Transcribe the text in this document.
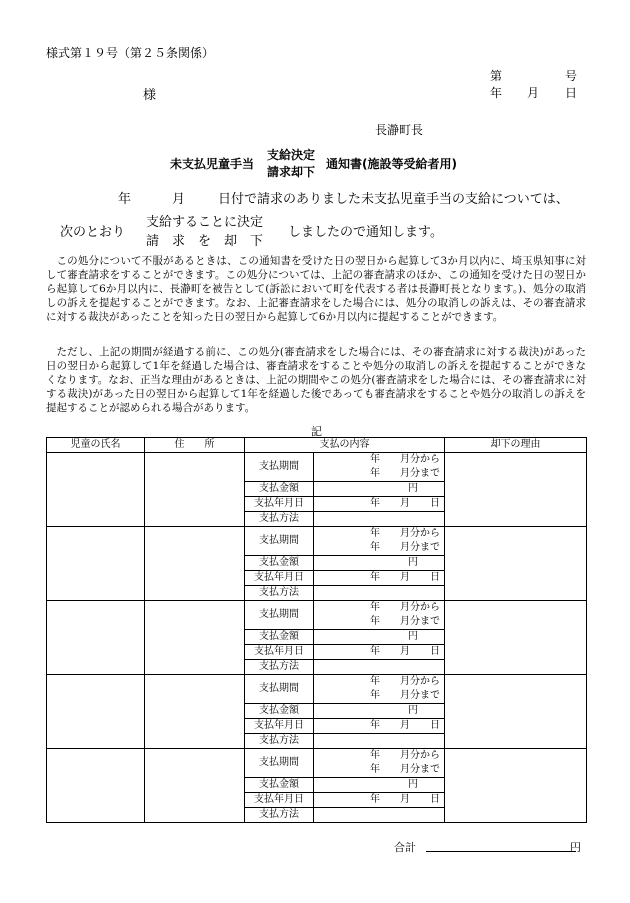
様式第１９号（第２５条関係）
第	号
様	年 月 日
長瀞町長
未支払児童手当
支給決定
請求却下
通知書(施設等受給者用)
年	月	日付で請求のありました未支払児童手当の支給については、
次のとおり
支給することに決定
請　求　を　却　下
しましたので通知します。
この処分について不服があるときは、この通知書を受けた日の翌日から起算して3か月以内に、埼玉県知事に対して審査請求をすることができます。この処分については、上記の審査請求のほか、この通知を受けた日の翌日から起算して6か月以内に、長瀞町を被告として(訴訟において町を代表する者は長瀞町長となります。)、処分の取消しの訴えを提起することができます。なお、上記審査請求をした場合には、処分の取消しの訴えは、その審査請求に対する裁決があったことを知った日の翌日から起算して6か月以内に提起することができます。
ただし、上記の期間が経過する前に、この処分(審査請求をした場合には、その審査請求に対する裁決)があった日の翌日から起算して1年を経過した場合は、審査請求をすることや処分の取消しの訴えを提起することができなくなります。なお、正当な理由があるときは、上記の期間やこの処分(審査請求をした場合には、その審査請求に対する裁決)があった日の翌日から起算して1年を経過した後であっても審査請求をすることや処分の取消しの訴えを提起することが認められる場合があります。
記
児童の氏名	住　　所	支払の内容		却下の理由
		支払期間	年　　月分から	
			年　　月分まで	
		支払金額	円	
		支払年月日	年　　月　　日	
		支払方法		
		支払期間	年　　月分から	
			年　　月分まで	
		支払金額	円	
		支払年月日	年　　月　　日	
		支払方法		
		支払期間	年　　月分から	
			年　　月分まで	
		支払金額	円	
		支払年月日	年　　月　　日	
		支払方法		
		支払期間	年　　月分から	
			年　　月分まで	
		支払金額	円	
		支払年月日	年　　月　　日	
		支払方法		
		支払期間	年　　月分から	
			年　　月分まで	
		支払金額	円	
		支払年月日	年　　月　　日	
		支払方法		
合計	円
